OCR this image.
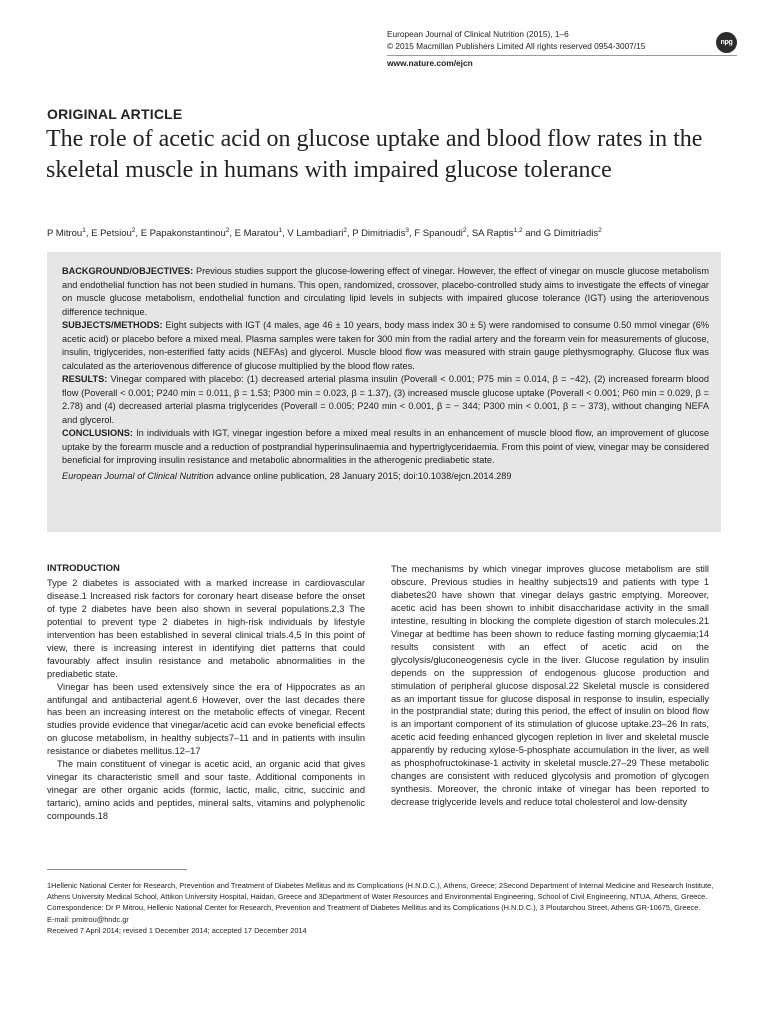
European Journal of Clinical Nutrition (2015), 1–6
© 2015 Macmillan Publishers Limited All rights reserved 0954-3007/15	npg
www.nature.com/ejcn
ORIGINAL ARTICLE
The role of acetic acid on glucose uptake and blood flow rates in the skeletal muscle in humans with impaired glucose tolerance
P Mitrou$^1$, E Petsiou$^2$, E Papakonstantinou$^2$, E Maratou$^1$, V Lambadiari$^2$, P Dimitriadis$^3$, F Spanoudi$^2$, SA Raptis$^{1,2}$ and G Dimitriadis$^2$

BACKGROUND/OBJECTIVES: Previous studies support the glucose-lowering effect of vinegar. However, the effect of vinegar on muscle glucose metabolism and endothelial function has not been studied in humans. This open, randomized, crossover, placebo-controlled study aims to investigate the effects of vinegar on muscle glucose metabolism, endothelial function and circulating lipid levels in subjects with impaired glucose tolerance (IGT) using the arteriovenous difference technique.

SUBJECTS/METHODS: Eight subjects with IGT (4 males, age 46 ± 10 years, body mass index 30 ± 5) were randomised to consume 0.50 mmol vinegar (6% acetic acid) or placebo before a mixed meal. Plasma samples were taken for 300 min from the radial artery and the forearm vein for measurements of glucose, insulin, triglycerides, non-esterified fatty acids (NEFAs) and glycerol. Muscle blood flow was measured with strain gauge plethysmography. Glucose flux was calculated as the arteriovenous difference of glucose multiplied by the blood flow rates.

RESULTS: Vinegar compared with placebo: (1) decreased arterial plasma insulin (Poverall < 0.001; P75 min = 0.014, β = −42), (2) increased forearm blood flow (Poverall < 0.001; P240 min = 0.011, β = 1.53; P300 min = 0.023, β = 1.37), (3) increased muscle glucose uptake (Poverall < 0.001; P60 min = 0.029, β = 2.78) and (4) decreased arterial plasma triglycerides (Poverall = 0.005; P240 min < 0.001, β = − 344; P300 min < 0.001, β = − 373), without changing NEFA and glycerol.

CONCLUSIONS: In individuals with IGT, vinegar ingestion before a mixed meal results in an enhancement of muscle blood flow, an improvement of glucose uptake by the forearm muscle and a reduction of postprandial hyperinsulinaemia and hypertriglyceridaemia. From this point of view, vinegar may be considered beneficial for improving insulin resistance and metabolic abnormalities in the atherogenic prediabetic state.

European Journal of Clinical Nutrition advance online publication, 28 January 2015; doi:10.1038/ejcn.2014.289

INTRODUCTION

Type 2 diabetes is associated with a marked increase in cardiovascular disease.1 Increased risk factors for coronary heart disease before the onset of type 2 diabetes have been also shown in several populations.2,3 The potential to prevent type 2 diabetes in high-risk individuals by lifestyle intervention has been established in several clinical trials.4,5 In this point of view, there is increasing interest in identifying diet patterns that could favourably affect insulin resistance and metabolic abnormalities in the prediabetic state.

Vinegar has been used extensively since the era of Hippocrates as an antifungal and antibacterial agent.6 However, over the last decades there has been an increasing interest on the metabolic effects of vinegar. Recent studies provide evidence that vinegar/acetic acid can evoke beneficial effects on glucose metabolism, in healthy subjects7–11 and in patients with insulin resistance or diabetes mellitus.12–17

The main constituent of vinegar is acetic acid, an organic acid that gives vinegar its characteristic smell and sour taste. Additional components in vinegar are other organic acids (formic, lactic, malic, citric, succinic and tartaric), amino acids and peptides, mineral salts, vitamins and polyphenolic compounds.18

The mechanisms by which vinegar improves glucose metabolism are still obscure. Previous studies in healthy subjects19 and patients with type 1 diabetes20 have shown that vinegar delays gastric emptying. Moreover, acetic acid has been shown to inhibit disaccharidase activity in the small intestine, resulting in blocking the complete digestion of starch molecules.21 Vinegar at bedtime has been shown to reduce fasting morning glycaemia;14 results consistent with an effect of acetic acid on the glycolysis/gluconeogenesis cycle in the liver. Glucose regulation by insulin depends on the suppression of endogenous glucose production and stimulation of peripheral glucose disposal.22 Skeletal muscle is considered as an important tissue for glucose disposal in response to insulin, especially in the postprandial state; during this period, the effect of insulin on blood flow is an important component of its stimulation of glucose uptake.23–26 In rats, acetic acid feeding enhanced glycogen repletion in liver and skeletal muscle apparently by reducing xylose-5-phosphate accumulation in the liver, as well as phosphofructokinase-1 activity in skeletal muscle.27–29 These metabolic changes are consistent with reduced glycolysis and promotion of glycogen synthesis. Moreover, the chronic intake of vinegar has been reported to decrease triglyceride levels and reduce total cholesterol and low-density

1Hellenic National Center for Research, Prevention and Treatment of Diabetes Mellitus and its Complications (H.N.D.C.), Athens, Greece; 2Second Department of Internal Medicine and Research Institute, Athens University Medical School, Attikon University Hospital, Haidari, Greece and 3Department of Water Resources and Environmental Engineering, School of Civil Engineering, NTUA, Athens, Greece. Correspondence: Dr P Mitrou, Hellenic National Center for Research, Prevention and Treatment of Diabetes Mellitus and its Complications (H.N.D.C.), 3 Ploutarchou Street, Athens GR-10675, Greece.

E-mail: pmitrou@hndc.gr

Received 7 April 2014; revised 1 December 2014; accepted 17 December 2014
